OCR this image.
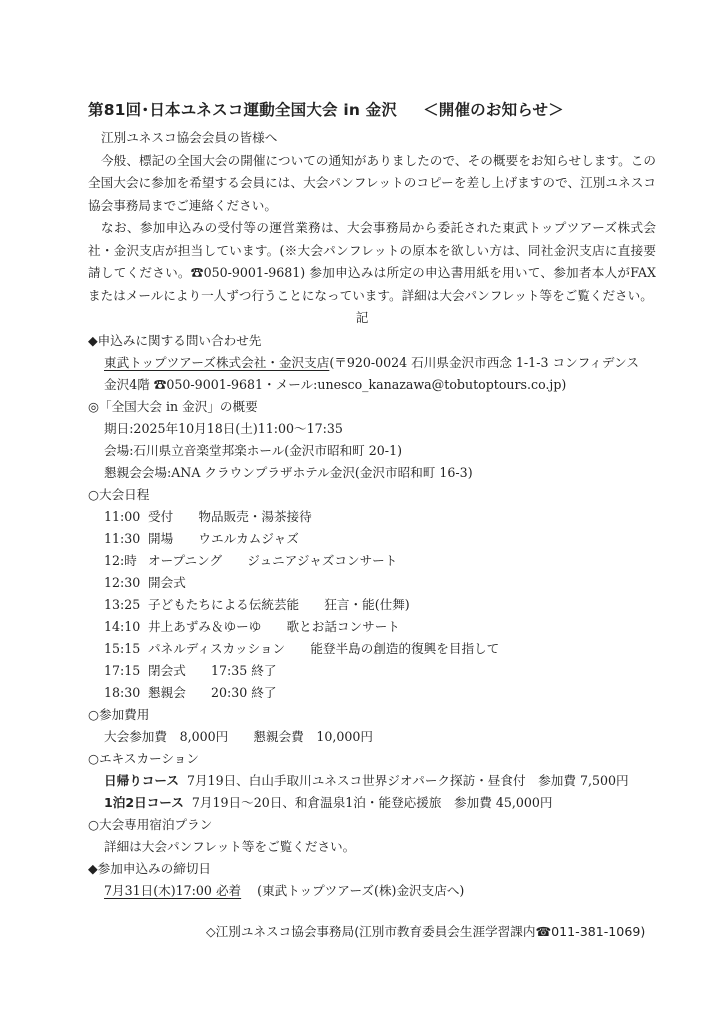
第81回･日本ユネスコ運動全国大会 in 金沢 ＜開催のお知らせ＞

江別ユネスコ協会会員の皆様へ

今般、標記の全国大会の開催についての通知がありましたので、その概要をお知らせします。この全国大会に参加を希望する会員には、大会パンフレットのコピーを差し上げますので、江別ユネスコ協会事務局までご連絡ください。

なお、参加申込みの受付等の運営業務は、大会事務局から委託された東武トップツアーズ株式会社・金沢支店が担当しています。(※大会パンフレットの原本を欲しい方は、同社金沢支店に直接要請してください。☎050-9001-9681) 参加申込みは所定の申込書用紙を用いて、参加者本人がFAXまたはメールにより一人ずつ行うことになっています。詳細は大会パンフレット等をご覧ください。

記
◆申込みに関する問い合わせ先
東武トップツアーズ株式会社・金沢支店(〒920-0024 石川県金沢市西念 1-1-3 コンフィデンス
金沢4階 ☎050-9001-9681・メール:unesco_kanazawa@tobutoptours.co.jp)
◎「全国大会 in 金沢」の概要
期日:2025年10月18日(土)11:00〜17:35
会場:石川県立音楽堂邦楽ホール(金沢市昭和町 20-1)
懇親会会場:ANA クラウンプラザホテル金沢(金沢市昭和町 16-3)
○大会日程
11:00 受付　　物品販売・湯茶接待
11:30 開場　　ウエルカムジャズ
12:時 オープニング　　ジュニアジャズコンサート
12:30 開会式
13:25 子どもたちによる伝統芸能　　狂言・能(仕舞)
14:10 井上あずみ＆ゆーゆ　　歌とお話コンサート
15:15 パネルディスカッション　　能登半島の創造的復興を目指して
17:15 閉会式　　17:35 終了
18:30 懇親会　　20:30 終了
○参加費用
大会参加費　8,000円　　懇親会費　10,000円
○エキスカーション
日帰りコース 7月19日、白山手取川ユネスコ世界ジオパーク探訪・昼食付　参加費 7,500円
1泊2日コース 7月19日〜20日、和倉温泉1泊・能登応援旅　参加費 45,000円
○大会専用宿泊プラン
詳細は大会パンフレット等をご覧ください。
◆参加申込みの締切日
7月31日(木)17:00 必着 (東武トップツアーズ(株)金沢支店へ)
◇江別ユネスコ協会事務局(江別市教育委員会生涯学習課内☎011-381-1069)
